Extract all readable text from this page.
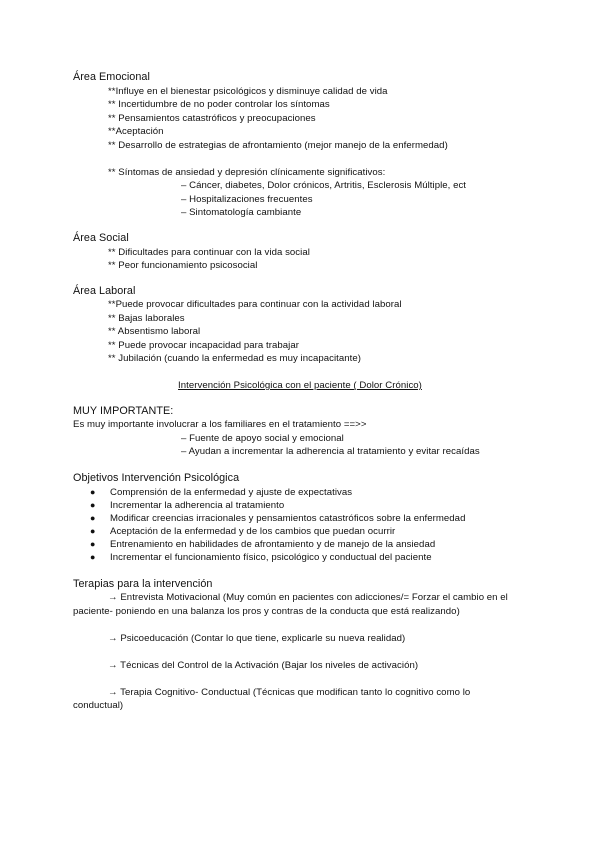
Área Emocional
**Influye en el bienestar psicológicos y disminuye calidad de vida
** Incertidumbre de no poder controlar los síntomas
** Pensamientos catastróficos y preocupaciones
**Aceptación
** Desarrollo de estrategias de afrontamiento (mejor manejo de la enfermedad)
** Síntomas de ansiedad y depresión clínicamente significativos:
– Cáncer, diabetes, Dolor crónicos, Artritis, Esclerosis Múltiple, ect
– Hospitalizaciones frecuentes
– Sintomatología cambiante
Área Social
** Dificultades para continuar con la vida social
** Peor funcionamiento psicosocial
Área Laboral
**Puede provocar dificultades para continuar con la actividad laboral
** Bajas laborales
** Absentismo laboral
** Puede provocar incapacidad para trabajar
** Jubilación (cuando la enfermedad es muy incapacitante)
Intervención Psicológica con el paciente ( Dolor Crónico)
MUY IMPORTANTE:
Es muy importante involucrar a los familiares en el tratamiento ==>>
– Fuente de apoyo social y emocional
– Ayudan a incrementar la adherencia al tratamiento y evitar recaídas
Objetivos Intervención Psicológica
● Comprensión de la enfermedad y ajuste de expectativas
● Incrementar la adherencia al tratamiento
● Modificar creencias irracionales y pensamientos catastróficos sobre la enfermedad
● Aceptación de la enfermedad y de los cambios que puedan ocurrir
● Entrenamiento en habilidades de afrontamiento y de manejo de la ansiedad
● Incrementar el funcionamiento físico, psicológico y conductual del paciente
Terapias para la intervención
→ Entrevista Motivacional (Muy común en pacientes con adicciones/= Forzar el cambio en el
paciente- poniendo en una balanza los pros y contras de la conducta que está realizando)
→ Psicoeducación (Contar lo que tiene, explicarle su nueva realidad)
→ Técnicas del Control de la Activación (Bajar los niveles de activación)
→ Terapia Cognitivo- Conductual (Técnicas que modifican tanto lo cognitivo como lo
conductual)
